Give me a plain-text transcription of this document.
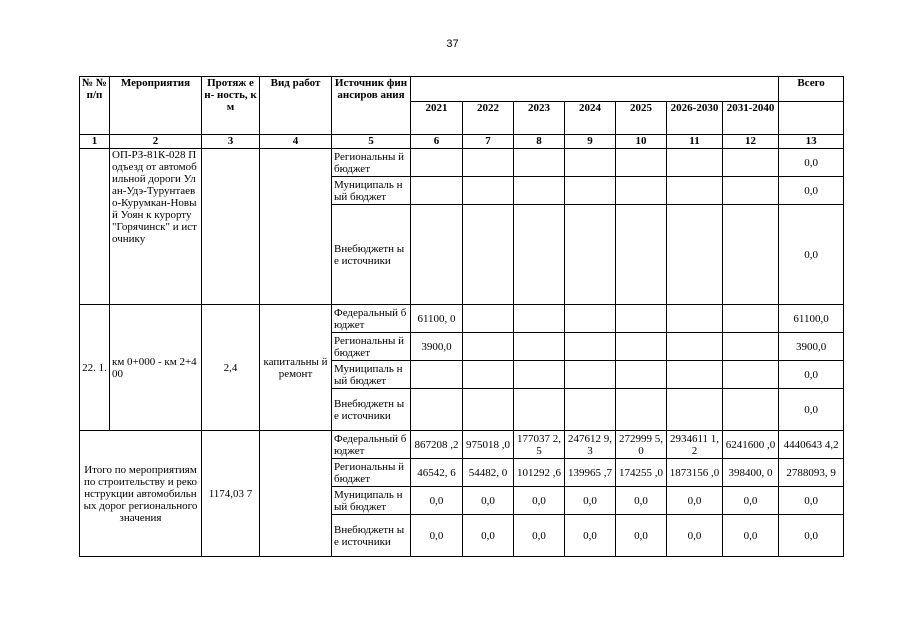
37
№ № п/п	Мероприятия	Протяж ен- ность, км	Вид работ	Источник финансиров ания								Всего
					2021	2022	2023	2024	2025	2026-2030	2031-2040	
1	2	3	4	5	6	7	8	9	10	11	12	13
	ОП-РЗ-81К-028 Подъезд от автомобильной дороги Улан-Удэ-Турунтаево-Курумкан-Новый Уоян к курорту "Горячинск" и источнику			Региональны й бюджет								0,0
				Муниципаль ный бюджет								0,0
				Внебюджетн ые источники								0,0
22. 1.	км 0+000 - км 2+400	2,4	капитальны й ремонт	Федеральный бюджет	61100, 0							61100,0
				Региональны й бюджет	3900,0							3900,0
				Муниципаль ный бюджет								0,0
				Внебюджетн ые источники								0,0
Итого по мероприятиям по строительству и реконструкции автомобильных дорог регионального значения		1174,03 7		Федеральный бюджет	867208 ,2	975018 ,0	177037 2,5	247612 9,3	272999 5,0	2934611 1,2	6241600 ,0	4440643 4,2
				Региональны й бюджет	46542, 6	54482, 0	101292 ,6	139965 ,7	174255 ,0	1873156 ,0	398400, 0	2788093, 9
				Муниципаль ный бюджет	0,0	0,0	0,0	0,0	0,0	0,0	0,0	0,0
				Внебюджетн ые источники	0,0	0,0	0,0	0,0	0,0	0,0	0,0	0,0
